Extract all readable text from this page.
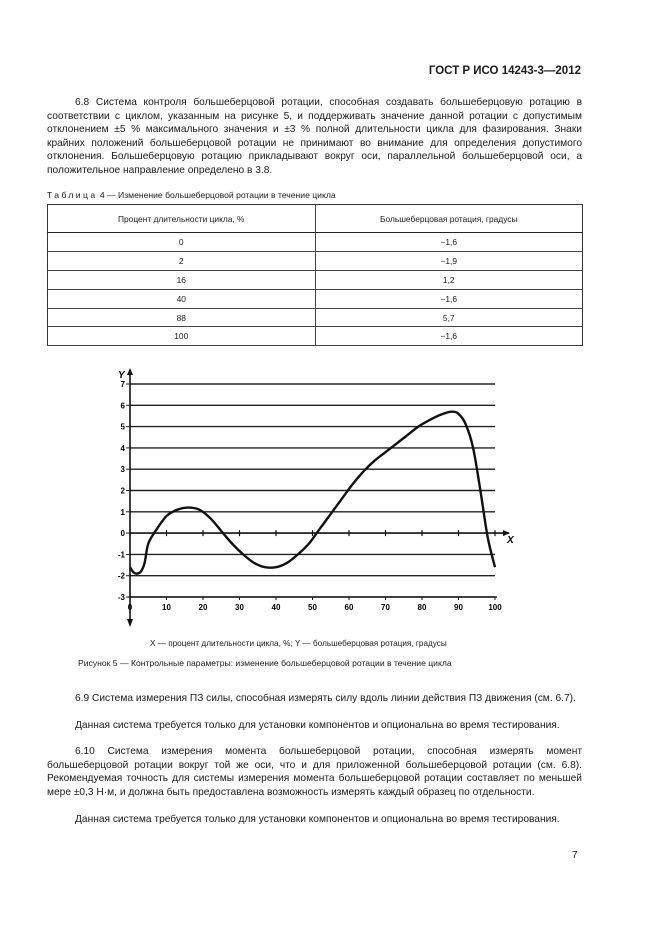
ГОСТ Р ИСО 14243-3—2012

6.8 Система контроля большеберцовой ротации, способная создавать большеберцовую ротацию в соответствии с циклом, указанным на рисунке 5, и поддерживать значение данной ротации с допустимым отклонением ±5 % максимального значения и ±3 % полной длительности цикла для фазирования. Знаки крайних положений большеберцовой ротации не принимают во внимание для определения допустимого отклонения. Большеберцовую ротацию прикладывают вокруг оси, параллельной большеберцовой оси, а положительное направление определено в 3.8.

Таблица 4 — Изменение большеберцовой ротации в течение цикла
Процент длительности цикла, %	Большеберцовая ротация, градусы
0	−1,6
2	−1,9
16	1,2
40	−1,6
88	5,7
100	−1,6
7
6
5
4
3
2
1
0
-1
-2
-3
0	10	20	30	40	50	60	70	80	90	100
X
Y
X — процент длительности цикла, %; Y — большеберцовая ротация, градусы
Рисунок 5 — Контрольные параметры: изменение большеберцовой ротации в течение цикла

6.9 Система измерения ПЗ силы, способная измерять силу вдоль линии действия ПЗ движения (см. 6.7).

Данная система требуется только для установки компонентов и опциональна во время тестирования.

6.10 Система измерения момента большеберцовой ротации, способная измерять момент большеберцовой ротации вокруг той же оси, что и для приложенной большеберцовой ротации (см. 6.8). Рекомендуемая точность для системы измерения момента большеберцовой ротации составляет по меньшей мере ±0,3 Н·м, и должна быть предоставлена возможность измерять каждый образец по отдельности.

Данная система требуется только для установки компонентов и опциональна во время тестирования.

7
